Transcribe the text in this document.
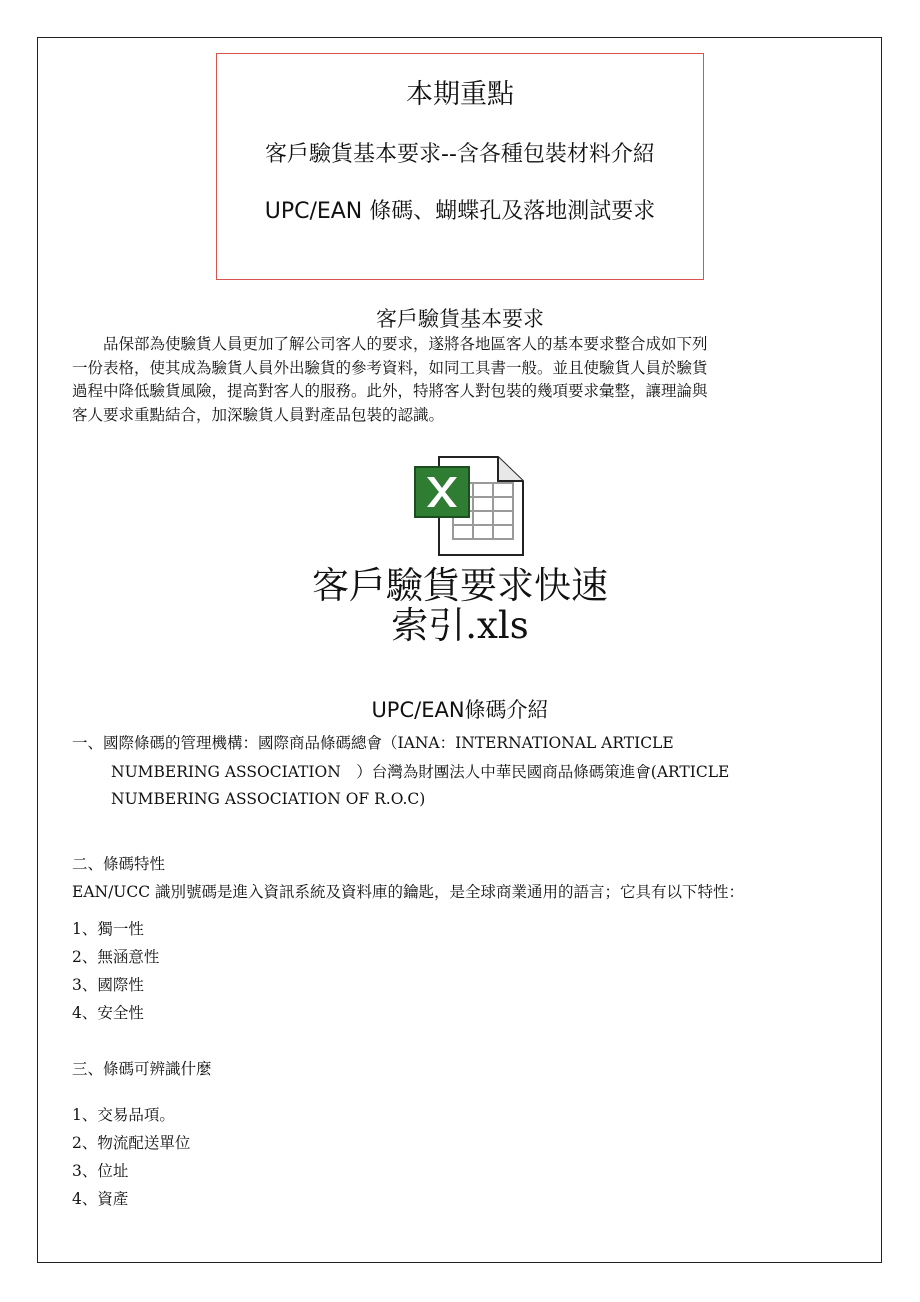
本期重點
客戶驗貨基本要求--含各種包裝材料介紹
UPC/EAN 條碼、蝴蝶孔及落地測試要求
客戶驗貨基本要求
　　品保部為使驗貨人員更加了解公司客人的要求，遂將各地區客人的基本要求整合成如下列
一份表格，使其成為驗貨人員外出驗貨的參考資料，如同工具書一般。並且使驗貨人員於驗貨
過程中降低驗貨風險，提高對客人的服務。此外，特將客人對包裝的幾項要求彙整，讓理論與
客人要求重點結合，加深驗貨人員對產品包裝的認識。
客戶驗貨要求快速
索引.xls
UPC/EAN條碼介紹
一、國際條碼的管理機構：國際商品條碼總會（IANA：INTERNATIONAL ARTICLE
NUMBERING ASSOCIATION　）台灣為財團法人中華民國商品條碼策進會(ARTICLE
NUMBERING ASSOCIATION OF R.O.C)
二、條碼特性
EAN/UCC 識別號碼是進入資訊系統及資料庫的鑰匙，是全球商業通用的語言；它具有以下特性：
1、獨一性
2、無涵意性
3、國際性
4、安全性
三、條碼可辨識什麼
1、交易品項。
2、物流配送單位
3、位址
4、資產
